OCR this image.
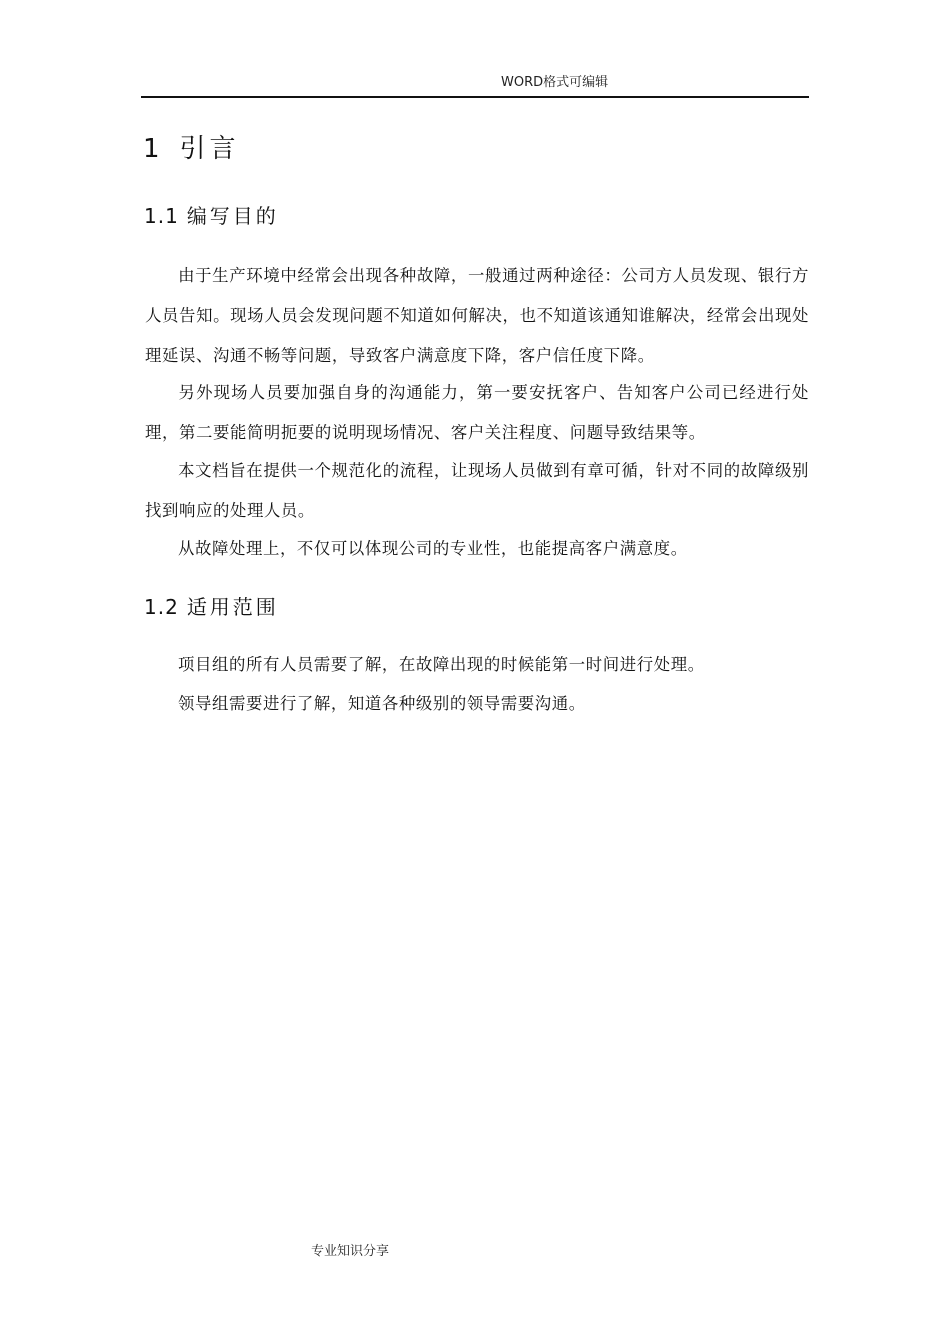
WORD格式可编辑
1 引言
1.1 编写目的
由于生产环境中经常会出现各种故障，一般通过两种途径：公司方人员发现、银行方人员告知。现场人员会发现问题不知道如何解决，也不知道该通知谁解决，经常会出现处理延误、沟通不畅等问题，导致客户满意度下降，客户信任度下降。
另外现场人员要加强自身的沟通能力，第一要安抚客户、告知客户公司已经进行处理，第二要能简明扼要的说明现场情况、客户关注程度、问题导致结果等。
本文档旨在提供一个规范化的流程，让现场人员做到有章可循，针对不同的故障级别找到响应的处理人员。
从故障处理上，不仅可以体现公司的专业性，也能提高客户满意度。
1.2 适用范围
项目组的所有人员需要了解，在故障出现的时候能第一时间进行处理。
领导组需要进行了解，知道各种级别的领导需要沟通。
专业知识分享
